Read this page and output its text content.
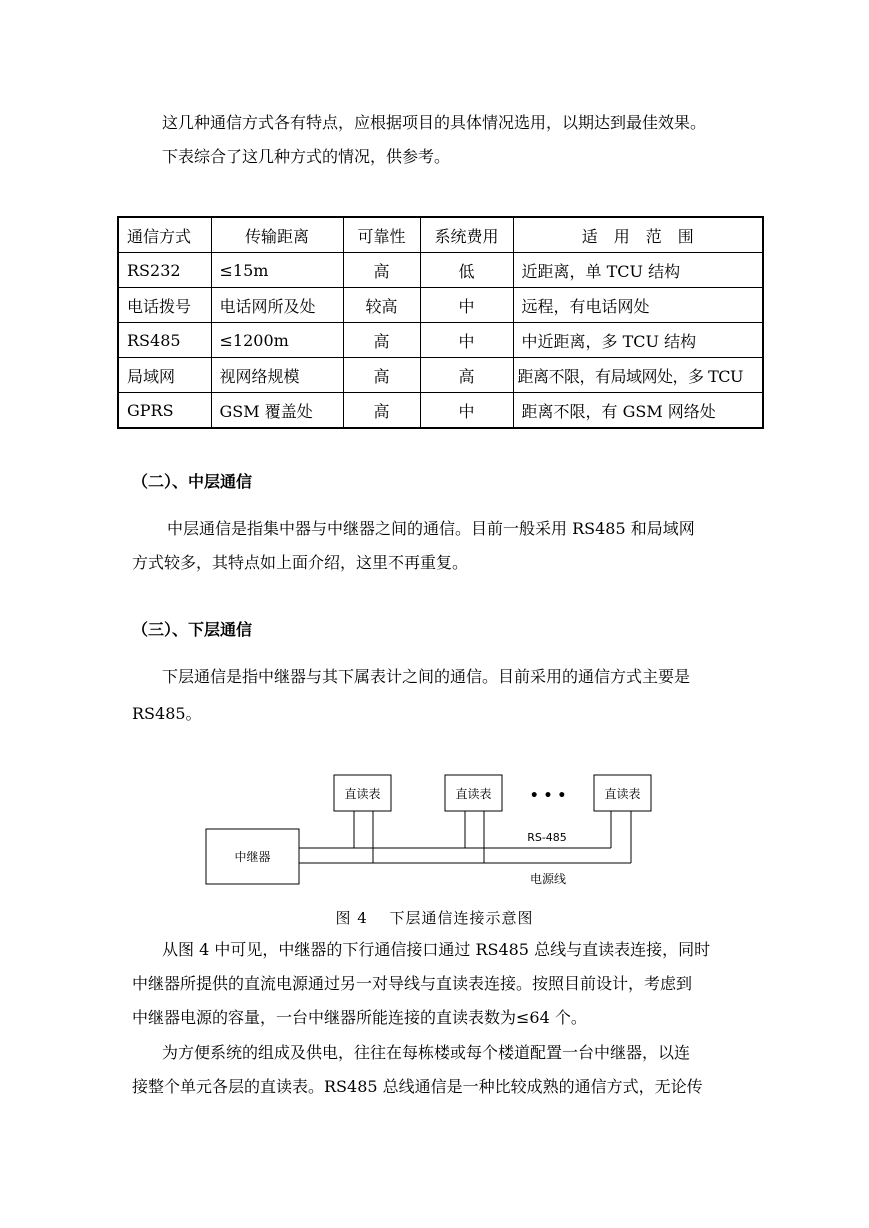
这几种通信方式各有特点，应根据项目的具体情况选用，以期达到最佳效果。
下表综合了这几种方式的情况，供参考。
通信方式	传输距离	可靠性	系统费用	适　用　范　围
RS232	≤15m	高	低	近距离，单 TCU 结构
电话拨号	电话网所及处	较高	中	远程，有电话网处
RS485	≤1200m	高	中	中近距离，多 TCU 结构
局域网	视网络规模	高	高	距离不限，有局域网处，多 TCU
GPRS	GSM 覆盖处	高	中	距离不限，有 GSM 网络处
（二）、中层通信
中层通信是指集中器与中继器之间的通信。目前一般采用 RS485 和局域网
方式较多，其特点如上面介绍，这里不再重复。
（三）、下层通信
下层通信是指中继器与其下属表计之间的通信。目前采用的通信方式主要是
RS485。
直读表	直读表	直读表
• • •
中继器
RS-485
电源线
图 4　 下层通信连接示意图
从图 4 中可见，中继器的下行通信接口通过 RS485 总线与直读表连接，同时
中继器所提供的直流电源通过另一对导线与直读表连接。按照目前设计，考虑到
中继器电源的容量，一台中继器所能连接的直读表数为≤64 个。
为方便系统的组成及供电，往往在每栋楼或每个楼道配置一台中继器，以连
接整个单元各层的直读表。RS485 总线通信是一种比较成熟的通信方式，无论传
